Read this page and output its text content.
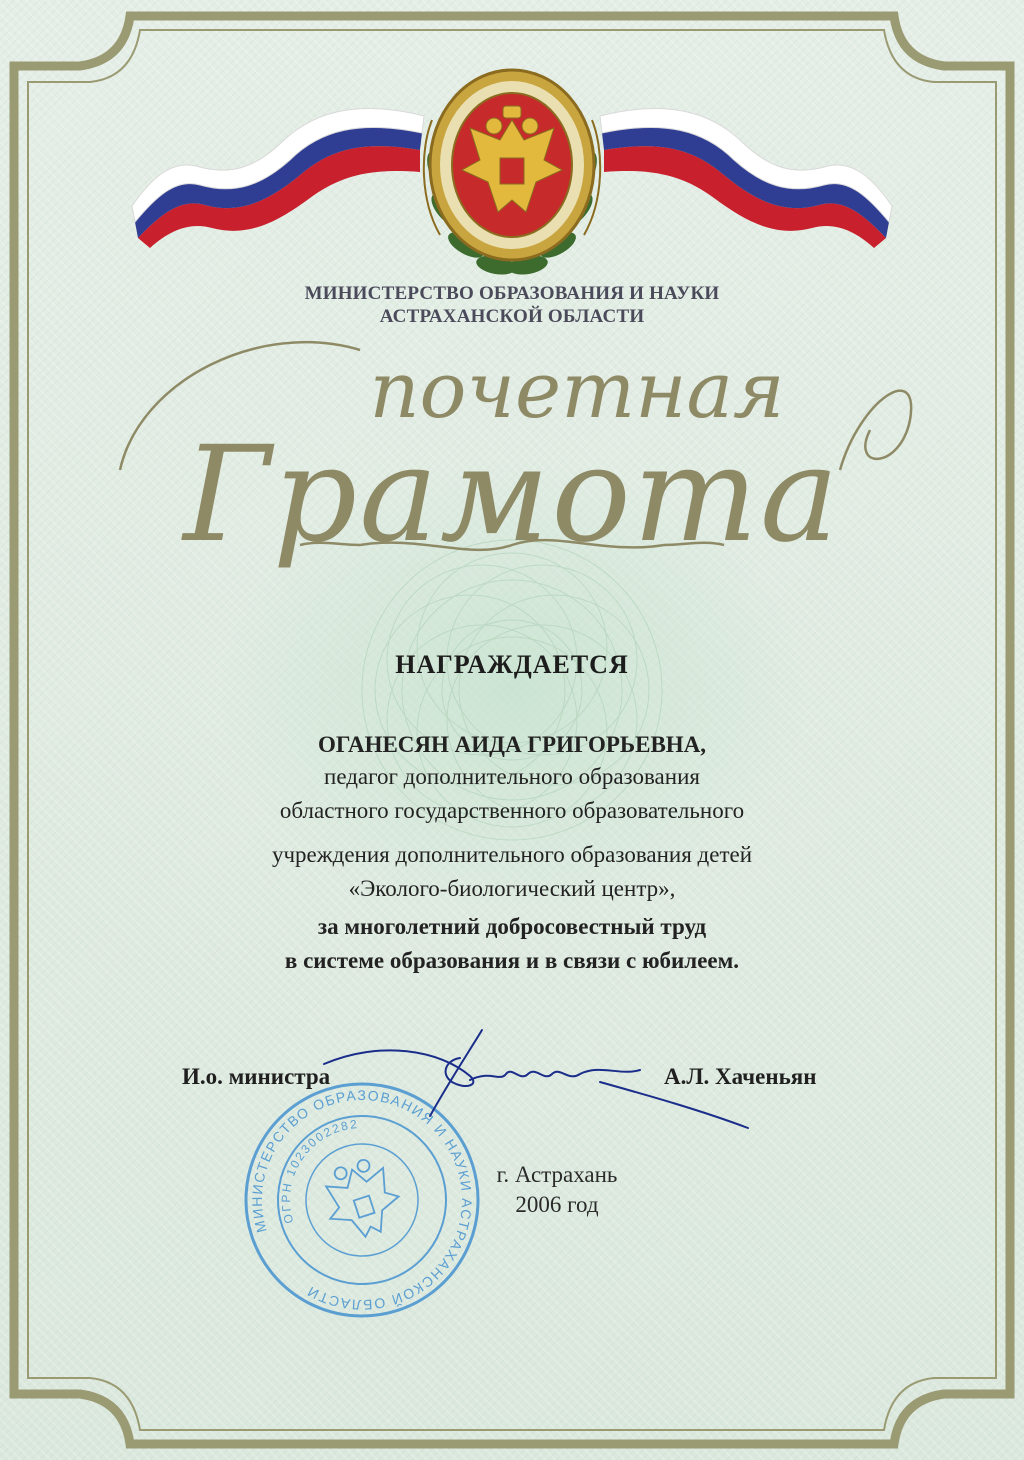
МИНИСТЕРСТВО ОБРАЗОВАНИЯ И НАУКИ
АСТРАХАНСКОЙ ОБЛАСТИ
почетная
Грамота
НАГРАЖДАЕТСЯ
ОГАНЕСЯН АИДА ГРИГОРЬЕВНА,
педагог дополнительного образования
областного государственного образовательного
учреждения дополнительного образования детей
«Эколого-биологический центр»,
за многолетний добросовестный труд
в системе образования и в связи с юбилеем.
И.о. министра	А.Л. Хаченьян
МИНИСТЕРСТВО ОБРАЗОВАНИЯ И НАУКИ АСТРАХАНСКОЙ ОБЛАСТИ
ОГРН 1023002282
г. Астрахань
2006 год
